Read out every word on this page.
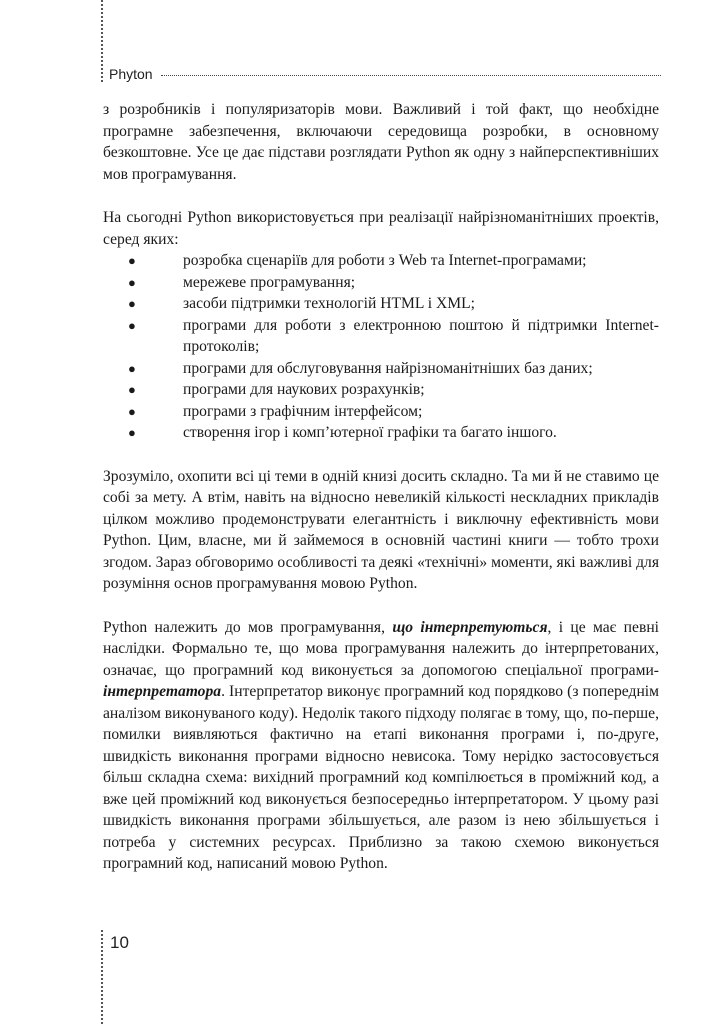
Phyton

з розробників і популяризаторів мови. Важливий і той факт, що необхідне програмне забезпечення, включаючи середовища розробки, в основному безкоштовне. Усе це дає підстави розглядати Python як одну з найперспективніших мов програмування.

На сьогодні Python використовується при реалізації найрізноманітніших проектів, серед яких:

●	розробка сценаріїв для роботи з Web та Internet-програмами;
●	мережеве програмування;
●	засоби підтримки технологій HTML і XML;
●	програми для роботи з електронною поштою й підтримки Internet-протоколів;
●	програми для обслуговування найрізноманітніших баз даних;
●	програми для наукових розрахунків;
●	програми з графічним інтерфейсом;
●	створення ігор і комп’ютерної графіки та багато іншого.

Зрозуміло, охопити всі ці теми в одній книзі досить складно. Та ми й не ставимо це собі за мету. А втім, навіть на відносно невеликій кількості нескладних прикладів цілком можливо продемонструвати елегантність і виключну ефективність мови Python. Цим, власне, ми й займемося в основній частині книги — тобто трохи згодом. Зараз обговоримо особливості та деякі «технічні» моменти, які важливі для розуміння основ програмування мовою Python.

Python належить до мов програмування, що інтерпретуються, і це має певні наслідки. Формально те, що мова програмування належить до інтерпретованих, означає, що програмний код виконується за допомогою спеціальної програми-інтерпретатора. Інтерпретатор виконує програмний код порядково (з попереднім аналізом виконуваного коду). Недолік такого підходу полягає в тому, що, по-перше, помилки виявляються фактично на етапі виконання програми і, по-друге, швидкість виконання програми відносно невисока. Тому нерідко застосовується більш складна схема: вихідний програмний код компілюється в проміжний код, а вже цей проміжний код виконується безпосередньо інтерпретатором. У цьому разі швидкість виконання програми збільшується, але разом із нею збільшується і потреба у системних ресурсах. Приблизно за такою схемою виконується програмний код, написаний мовою Python.

10
